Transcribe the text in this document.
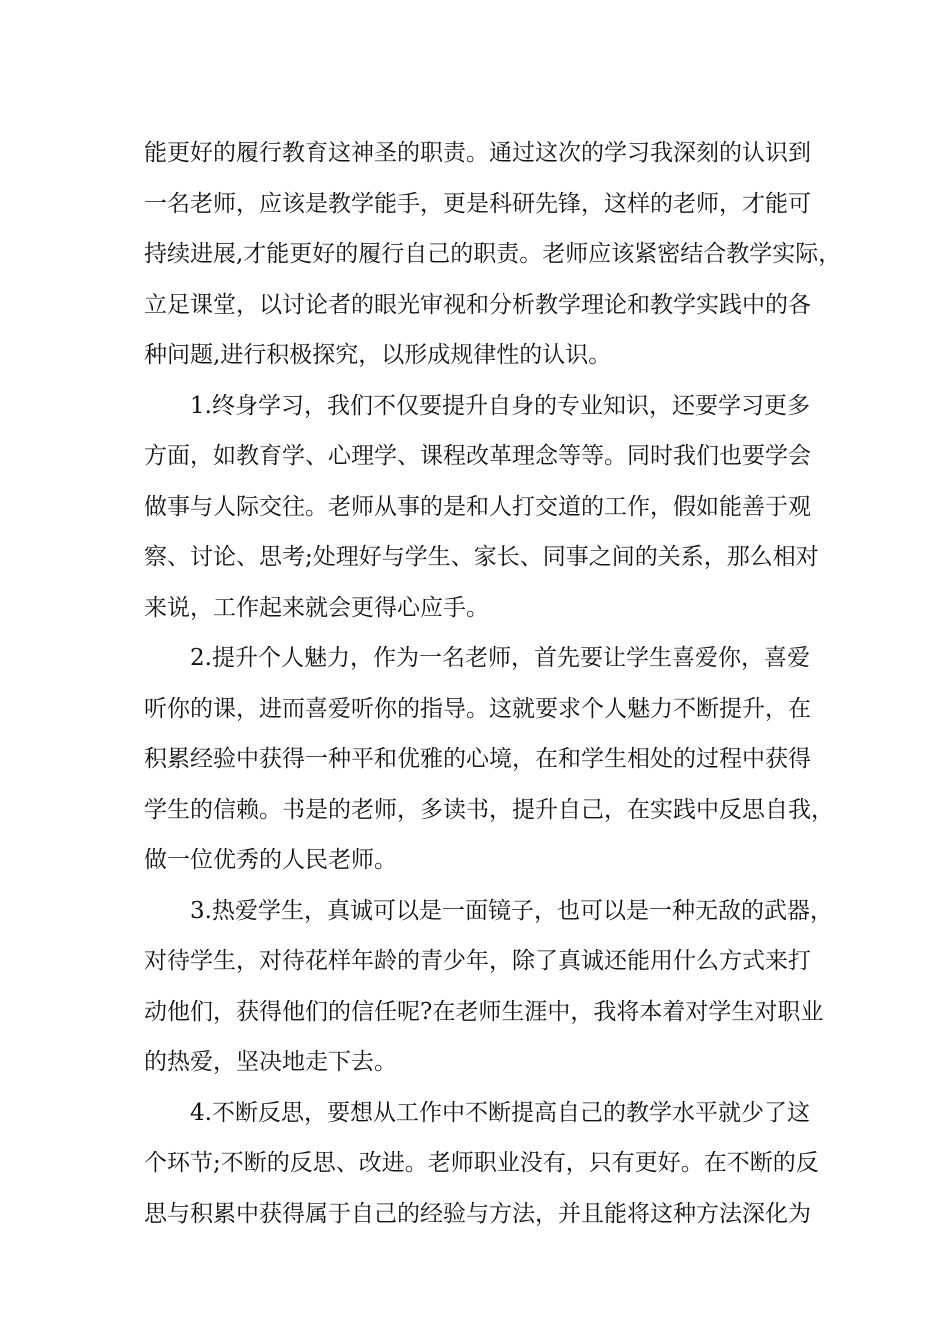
能更好的履行教育这神圣的职责。通过这次的学习我深刻的认识到
一名老师，应该是教学能手，更是科研先锋，这样的老师，才能可
持续进展,才能更好的履行自己的职责。老师应该紧密结合教学实际，
立足课堂，以讨论者的眼光审视和分析教学理论和教学实践中的各
种问题,进行积极探究，以形成规律性的认识。
1.终身学习，我们不仅要提升自身的专业知识，还要学习更多
方面，如教育学、心理学、课程改革理念等等。同时我们也要学会
做事与人际交往。老师从事的是和人打交道的工作，假如能善于观
察、讨论、思考;处理好与学生、家长、同事之间的关系，那么相对
来说，工作起来就会更得心应手。
2.提升个人魅力，作为一名老师，首先要让学生喜爱你，喜爱
听你的课，进而喜爱听你的指导。这就要求个人魅力不断提升，在
积累经验中获得一种平和优雅的心境，在和学生相处的过程中获得
学生的信赖。书是的老师，多读书，提升自己，在实践中反思自我，
做一位优秀的人民老师。
3.热爱学生，真诚可以是一面镜子，也可以是一种无敌的武器，
对待学生，对待花样年龄的青少年，除了真诚还能用什么方式来打
动他们，获得他们的信任呢?在老师生涯中，我将本着对学生对职业
的热爱，坚决地走下去。
4.不断反思，要想从工作中不断提高自己的教学水平就少了这
个环节;不断的反思、改进。老师职业没有，只有更好。在不断的反
思与积累中获得属于自己的经验与方法，并且能将这种方法深化为
